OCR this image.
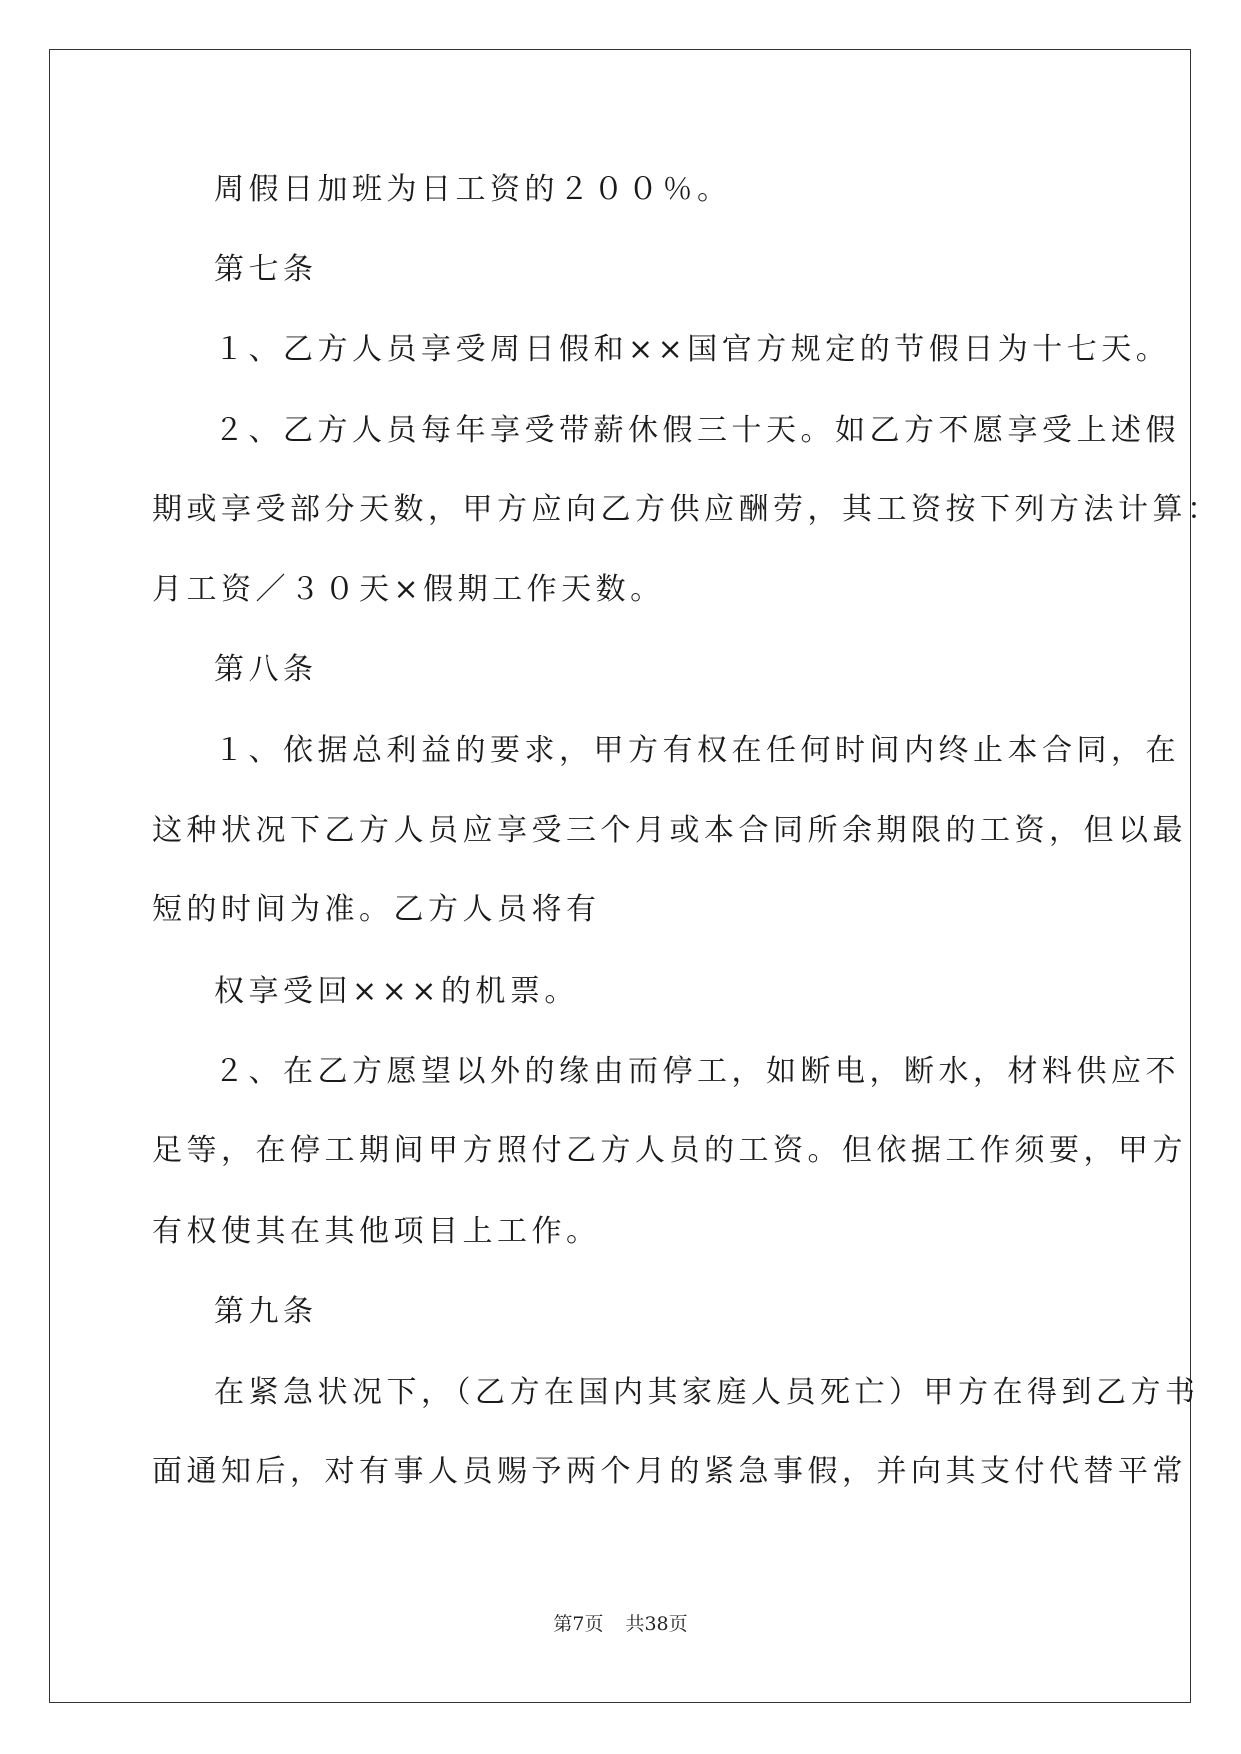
周假日加班为日工资的２００％。

第七条

１、乙方人员享受周日假和××国官方规定的节假日为十七天。

２、乙方人员每年享受带薪休假三十天。如乙方不愿享受上述假

期或享受部分天数，甲方应向乙方供应酬劳，其工资按下列方法计算：

月工资／３０天×假期工作天数。

第八条

１、依据总利益的要求，甲方有权在任何时间内终止本合同，在

这种状况下乙方人员应享受三个月或本合同所余期限的工资，但以最

短的时间为准。乙方人员将有

权享受回×××的机票。

２、在乙方愿望以外的缘由而停工，如断电，断水，材料供应不

足等，在停工期间甲方照付乙方人员的工资。但依据工作须要，甲方

有权使其在其他项目上工作。

第九条

在紧急状况下，（乙方在国内其家庭人员死亡）甲方在得到乙方书

面通知后，对有事人员赐予两个月的紧急事假，并向其支付代替平常

第7页 共38页
